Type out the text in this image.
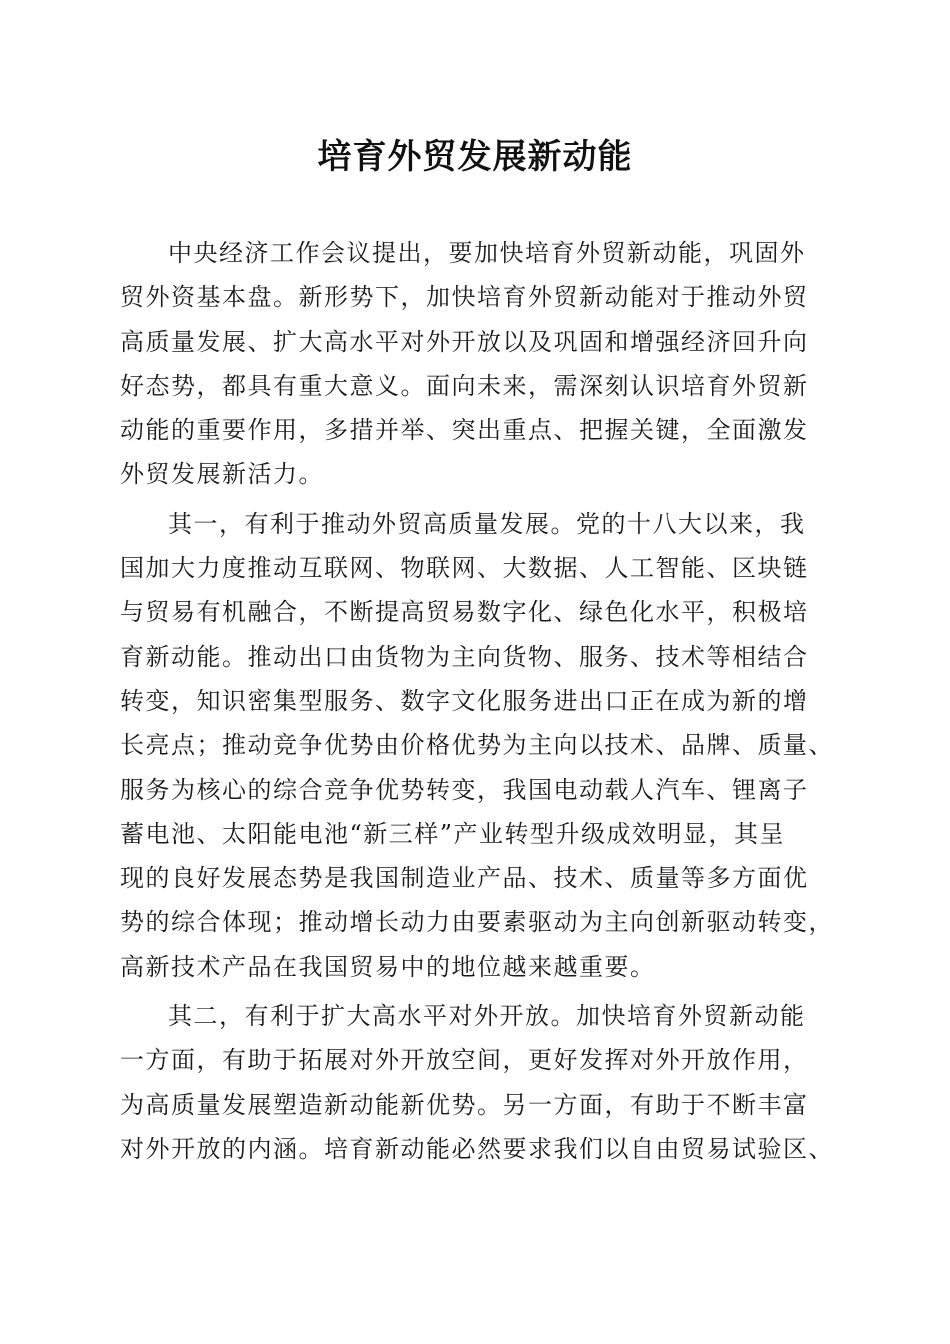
培育外贸发展新动能
中央经济工作会议提出，要加快培育外贸新动能，巩固外
贸外资基本盘。新形势下，加快培育外贸新动能对于推动外贸
高质量发展、扩大高水平对外开放以及巩固和增强经济回升向
好态势，都具有重大意义。面向未来，需深刻认识培育外贸新
动能的重要作用，多措并举、突出重点、把握关键，全面激发
外贸发展新活力。
其一，有利于推动外贸高质量发展。党的十八大以来，我
国加大力度推动互联网、物联网、大数据、人工智能、区块链
与贸易有机融合，不断提高贸易数字化、绿色化水平，积极培
育新动能。推动出口由货物为主向货物、服务、技术等相结合
转变，知识密集型服务、数字文化服务进出口正在成为新的增
长亮点；推动竞争优势由价格优势为主向以技术、品牌、质量、
服务为核心的综合竞争优势转变，我国电动载人汽车、锂离子
蓄电池、太阳能电池“新三样”产业转型升级成效明显，其呈
现的良好发展态势是我国制造业产品、技术、质量等多方面优
势的综合体现；推动增长动力由要素驱动为主向创新驱动转变，
高新技术产品在我国贸易中的地位越来越重要。
其二，有利于扩大高水平对外开放。加快培育外贸新动能
一方面，有助于拓展对外开放空间，更好发挥对外开放作用，
为高质量发展塑造新动能新优势。另一方面，有助于不断丰富
对外开放的内涵。培育新动能必然要求我们以自由贸易试验区、
